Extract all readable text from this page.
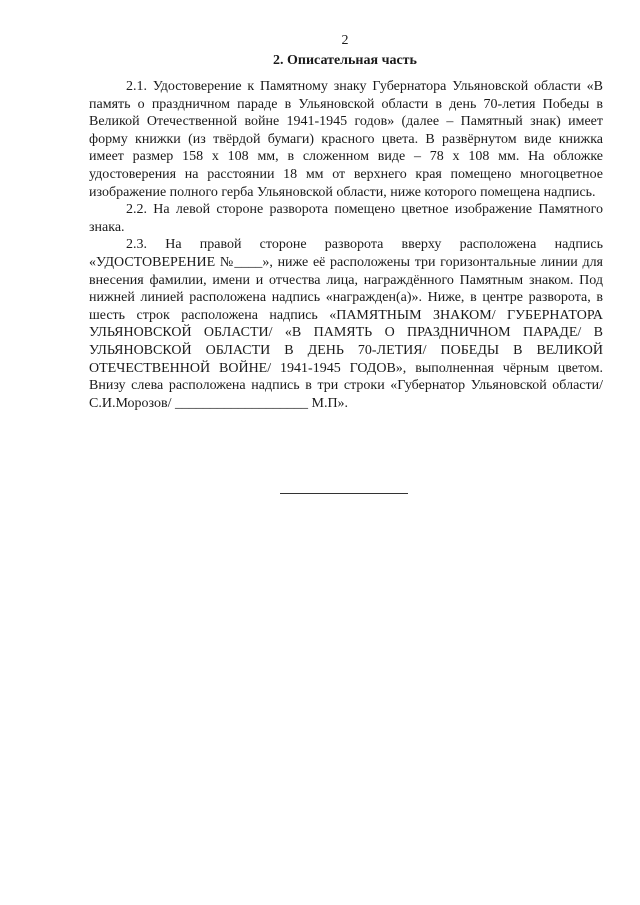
2
2. Описательная часть

2.1. Удостоверение к Памятному знаку Губернатора Ульяновской области «В память о праздничном параде в Ульяновской области в день 70-летия Победы в Великой Отечественной войне 1941-1945 годов» (далее – Памятный знак) имеет форму книжки (из твёрдой бумаги) красного цвета. В развёрнутом виде книжка имеет размер 158 х 108 мм, в сложенном виде – 78 х 108 мм. На обложке удостоверения на расстоянии 18 мм от верхнего края помещено многоцветное изображение полного герба Ульяновской области, ниже которого помещена надпись.

2.2. На левой стороне разворота помещено цветное изображение Памятного знака.

2.3. На правой стороне разворота вверху расположена надпись «УДОСТОВЕРЕНИЕ №____», ниже её расположены три горизонтальные линии для внесения фамилии, имени и отчества лица, награждённого Памятным знаком. Под нижней линией расположена надпись «награжден(а)». Ниже, в центре разворота, в шесть строк расположена надпись «ПАМЯТНЫМ ЗНАКОМ/ ГУБЕРНАТОРА УЛЬЯНОВСКОЙ ОБЛАСТИ/ «В ПАМЯТЬ О ПРАЗДНИЧНОМ ПАРАДЕ/ В УЛЬЯНОВСКОЙ ОБЛАСТИ В ДЕНЬ 70-ЛЕТИЯ/ ПОБЕДЫ В ВЕЛИКОЙ ОТЕЧЕСТВЕННОЙ ВОЙНЕ/ 1941-1945 ГОДОВ», выполненная чёрным цветом. Внизу слева расположена надпись в три строки «Губернатор Ульяновской области/ С.И.Морозов/ ___________________ М.П».
